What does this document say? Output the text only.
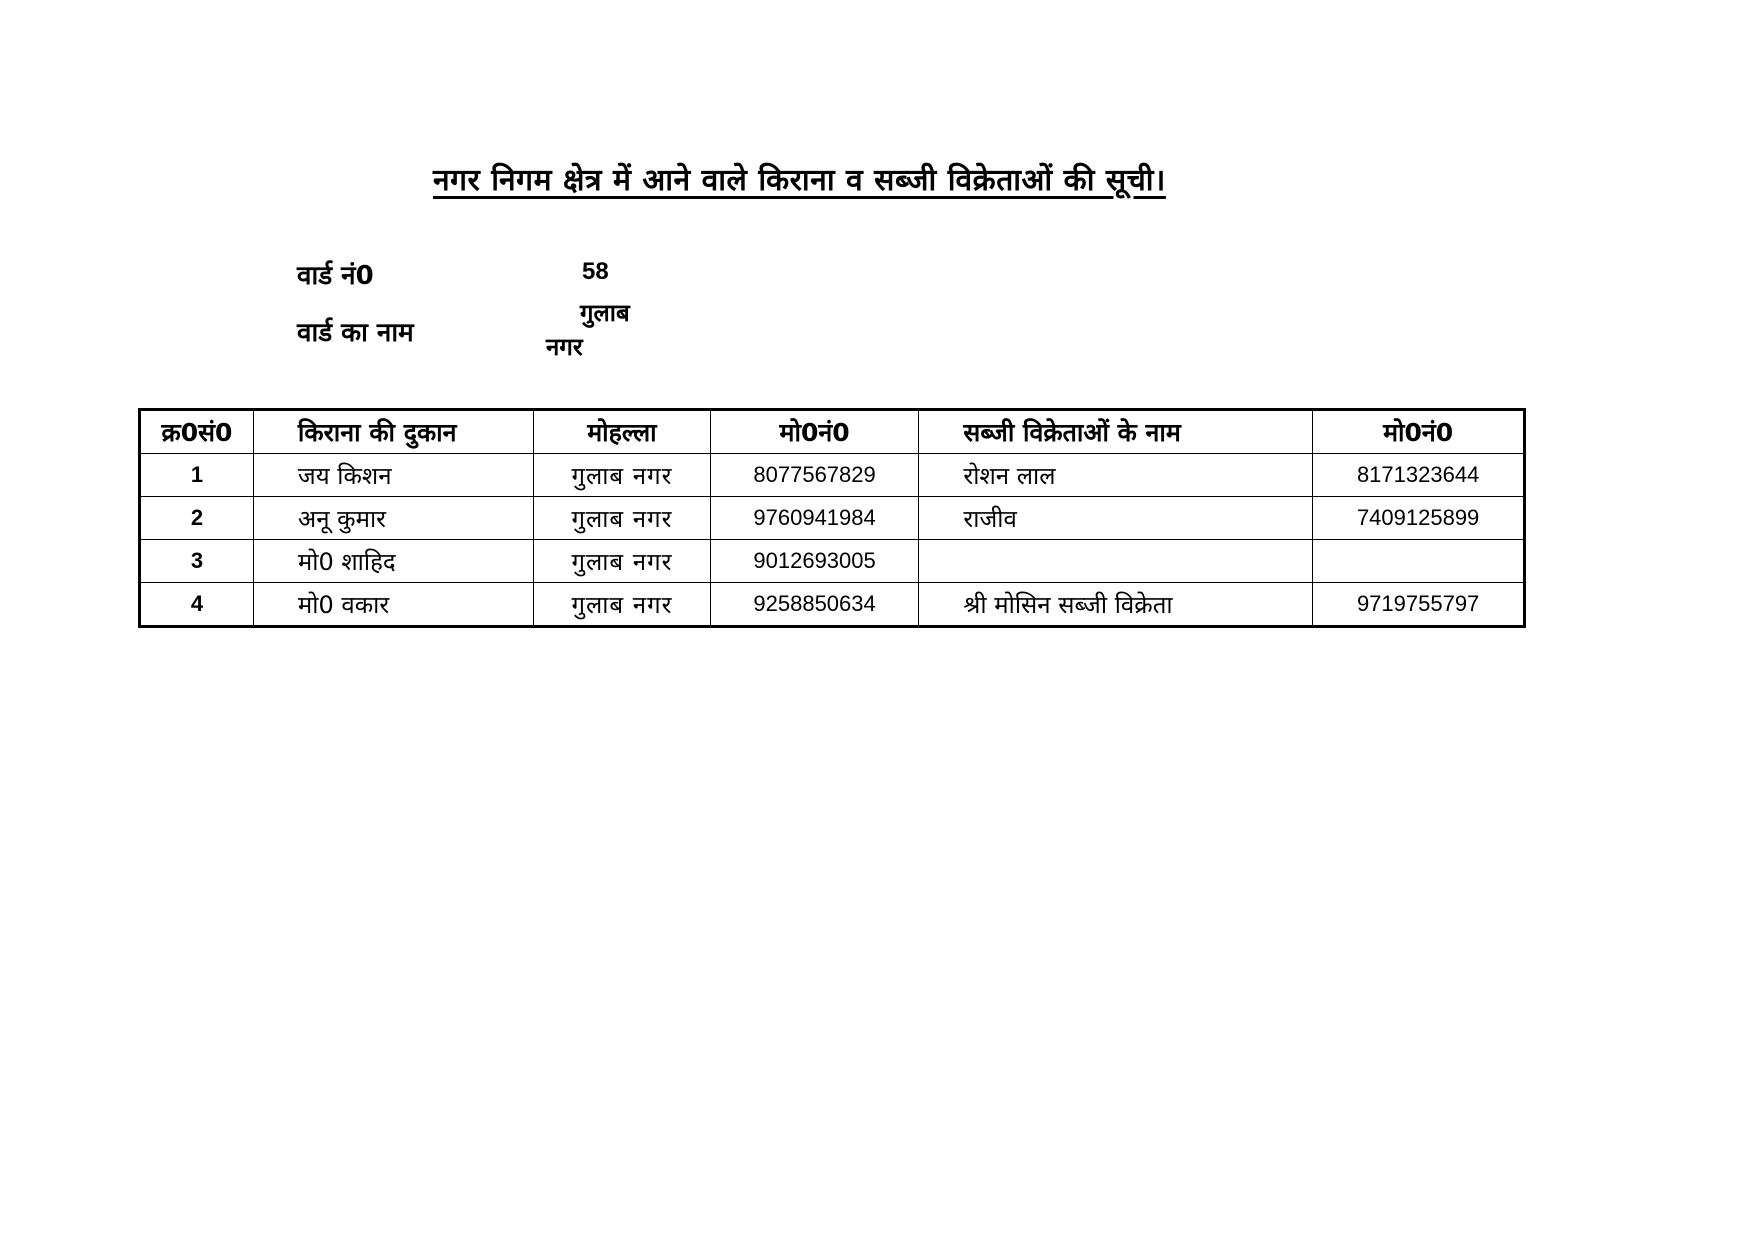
नगर निगम क्षेत्र में आने वाले किराना व सब्जी विक्रेताओं की सूची।
वार्ड नं0	58
वार्ड का नाम
गुलाब
नगर
क्र0सं0	किराना की दुकान	मोहल्ला	मो0नं0	सब्जी विक्रेताओं के नाम	मो0नं0
1	जय किशन	गुलाब नगर	8077567829	रोशन लाल	8171323644
2	अनू कुमार	गुलाब नगर	9760941984	राजीव	7409125899
3	मो0 शाहिद	गुलाब नगर	9012693005		
4	मो0 वकार	गुलाब नगर	9258850634	श्री मोसिन सब्जी विक्रेता	9719755797
